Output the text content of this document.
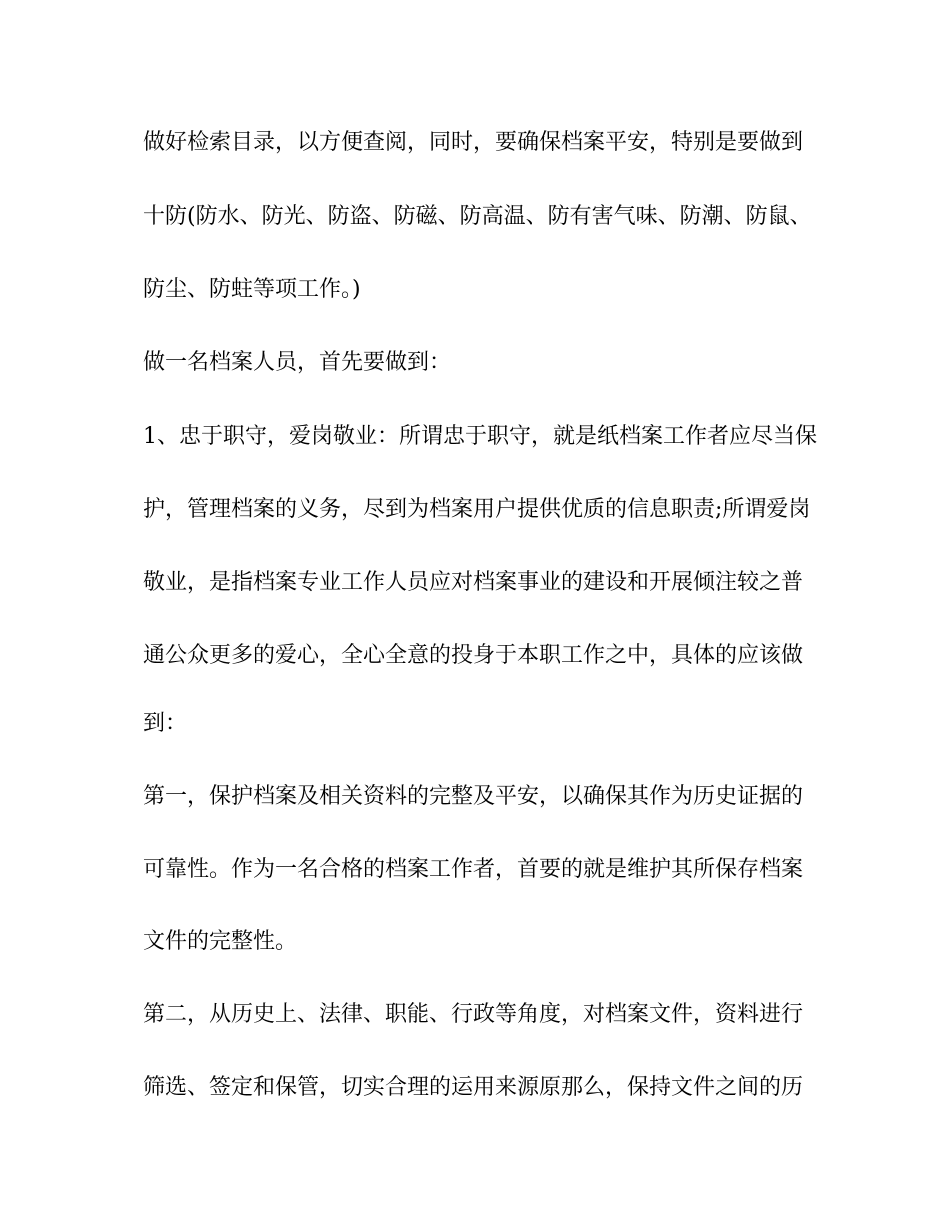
做好检索目录，以方便查阅，同时，要确保档案平安，特别是要做到
十防(防水、防光、防盗、防磁、防高温、防有害气味、防潮、防鼠、
防尘、防蛀等项工作。)
做一名档案人员，首先要做到：
1、忠于职守，爱岗敬业：所谓忠于职守，就是纸档案工作者应尽当保
护，管理档案的义务，尽到为档案用户提供优质的信息职责;所谓爱岗
敬业，是指档案专业工作人员应对档案事业的建设和开展倾注较之普
通公众更多的爱心，全心全意的投身于本职工作之中，具体的应该做
到：
第一，保护档案及相关资料的完整及平安，以确保其作为历史证据的
可靠性。作为一名合格的档案工作者，首要的就是维护其所保存档案
文件的完整性。
第二，从历史上、法律、职能、行政等角度，对档案文件，资料进行
筛选、签定和保管，切实合理的运用来源原那么，保持文件之间的历
